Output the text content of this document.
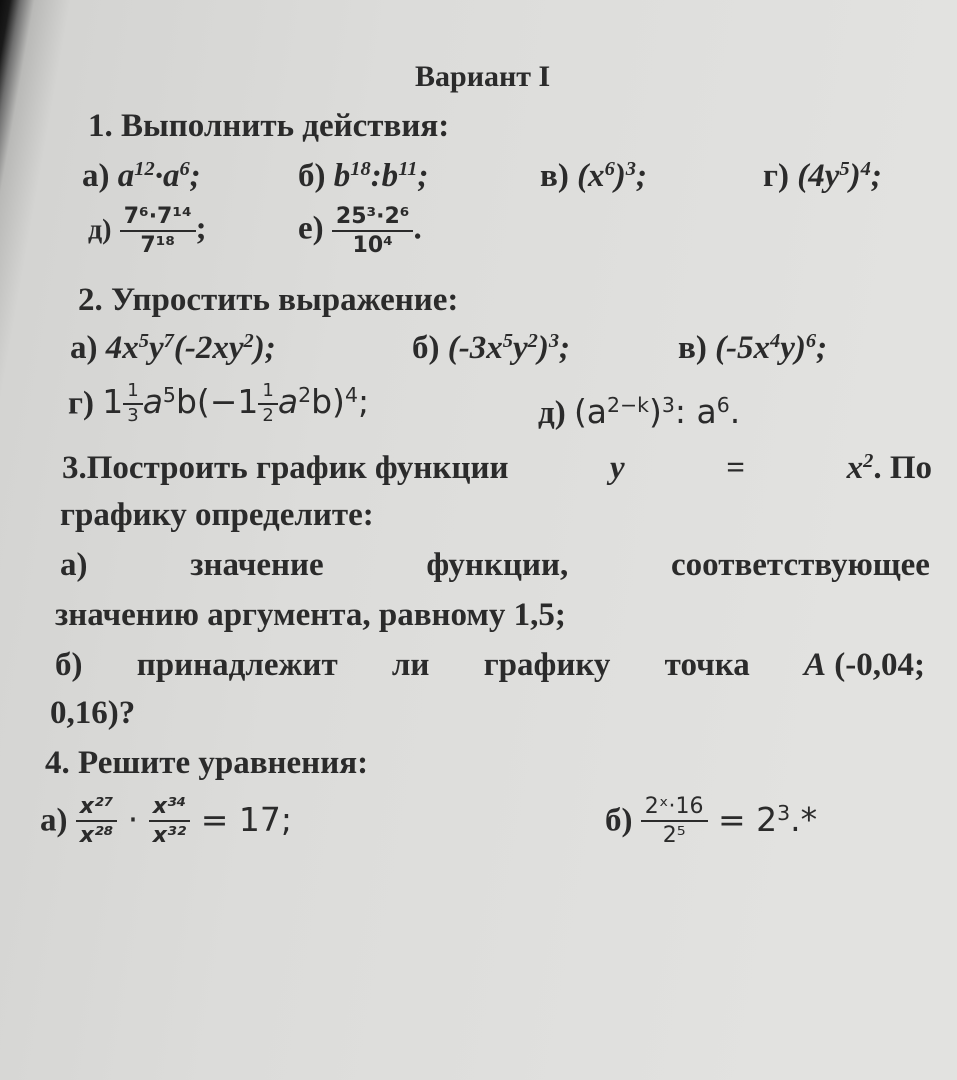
Вариант I
1. Выполнить действия:
а) $a^{12}\cdot a^6$;	б) $b^{18}:b^{11}$;	в) $(x^6)^3$;	г) $(4y^5)^4$;
$д) \frac{\text{7⁶·7¹⁴}}{\text{7¹⁸}}$ ;	$е) \frac{\text{25³·2⁶}}{\text{10⁴}}$ .
2. Упростить выражение:
а) $4x^5y^7(-2xy^2)$;	б) $(-3x^5y^2)^3$;	в) $(-5x^4y)^6$;
г) $1 \frac{1}{3} a^5b(-1 \frac{1}{2} a^2b)^4$;	д) $(a^{2-k})^3$: $a^6$.
3.Построить график функции	y	=	$x^2$. По
графику определите:
а)	значение	функции,	соответствующее
значению аргумента, равному 1,5;
б) принадлежит ли графику точка A (-0,04;
0,16)?
4. Решите уравнения:
$а) \frac{\text{x²⁷}}{\text{x²⁸}} \cdot \frac{\text{x³⁴}}{\text{x³²}} = 17$;	$б) \frac{\text{2ˣ·16}}{\text{2⁵}} = 2^3.*$
